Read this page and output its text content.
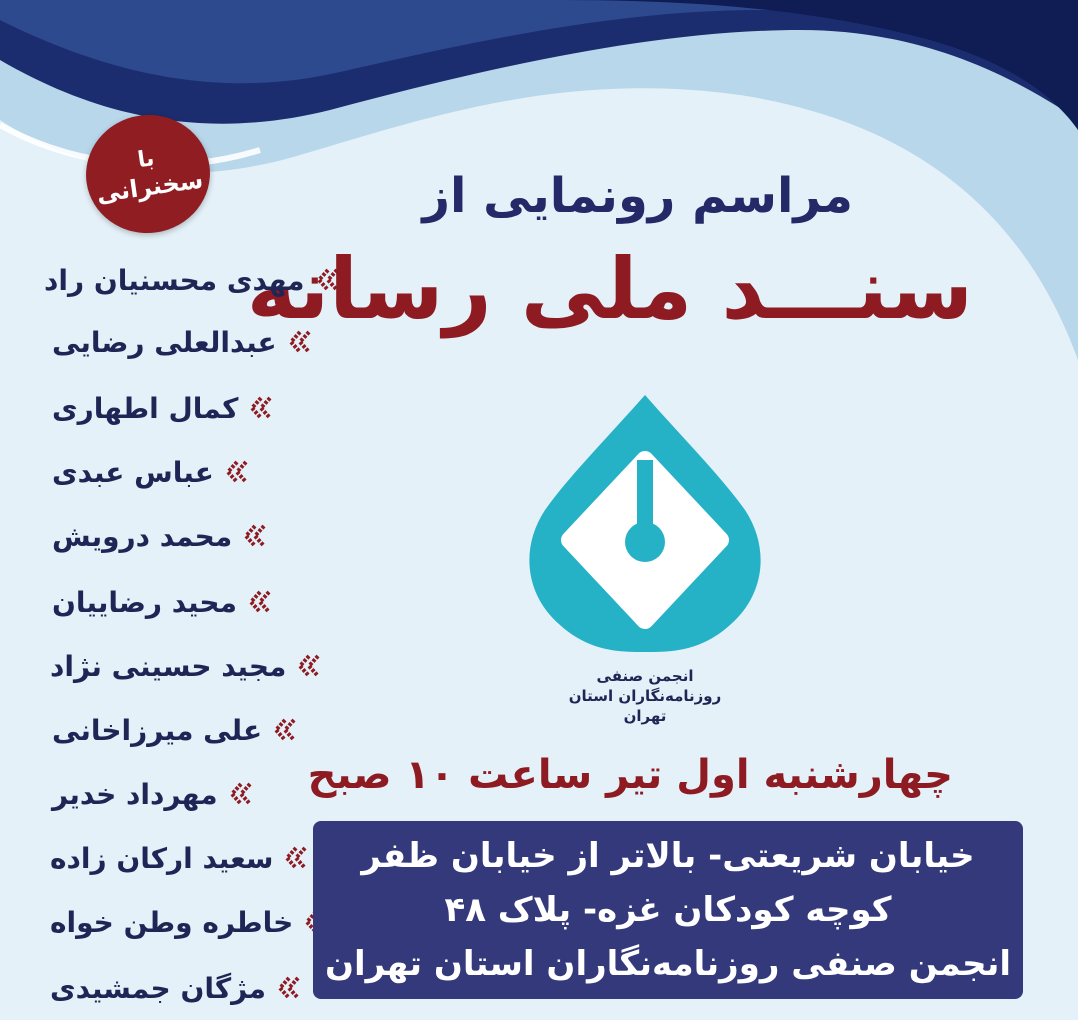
با
سخنرانی	مراسم رونمایی از
سنـــد ملی رسانه
مهدی محسنیان راد
عبدالعلی رضایی
کمال اطهاری
عباس عبدی
محمد درویش
محید رضاییان
مجید حسینی نژاد
علی میرزاخانی
مهرداد خدیر
سعید ارکان زاده
خاطره وطن خواه
مژگان جمشیدی
انجمن صنفی
روزنامه‌نگاران استان تهران
چهارشنبه اول تیر ساعت ۱۰ صبح
خیابان شریعتی- بالاتر از خیابان ظفر
کوچه کودکان غزه- پلاک ۴۸
انجمن صنفی روزنامه‌نگاران استان تهران
